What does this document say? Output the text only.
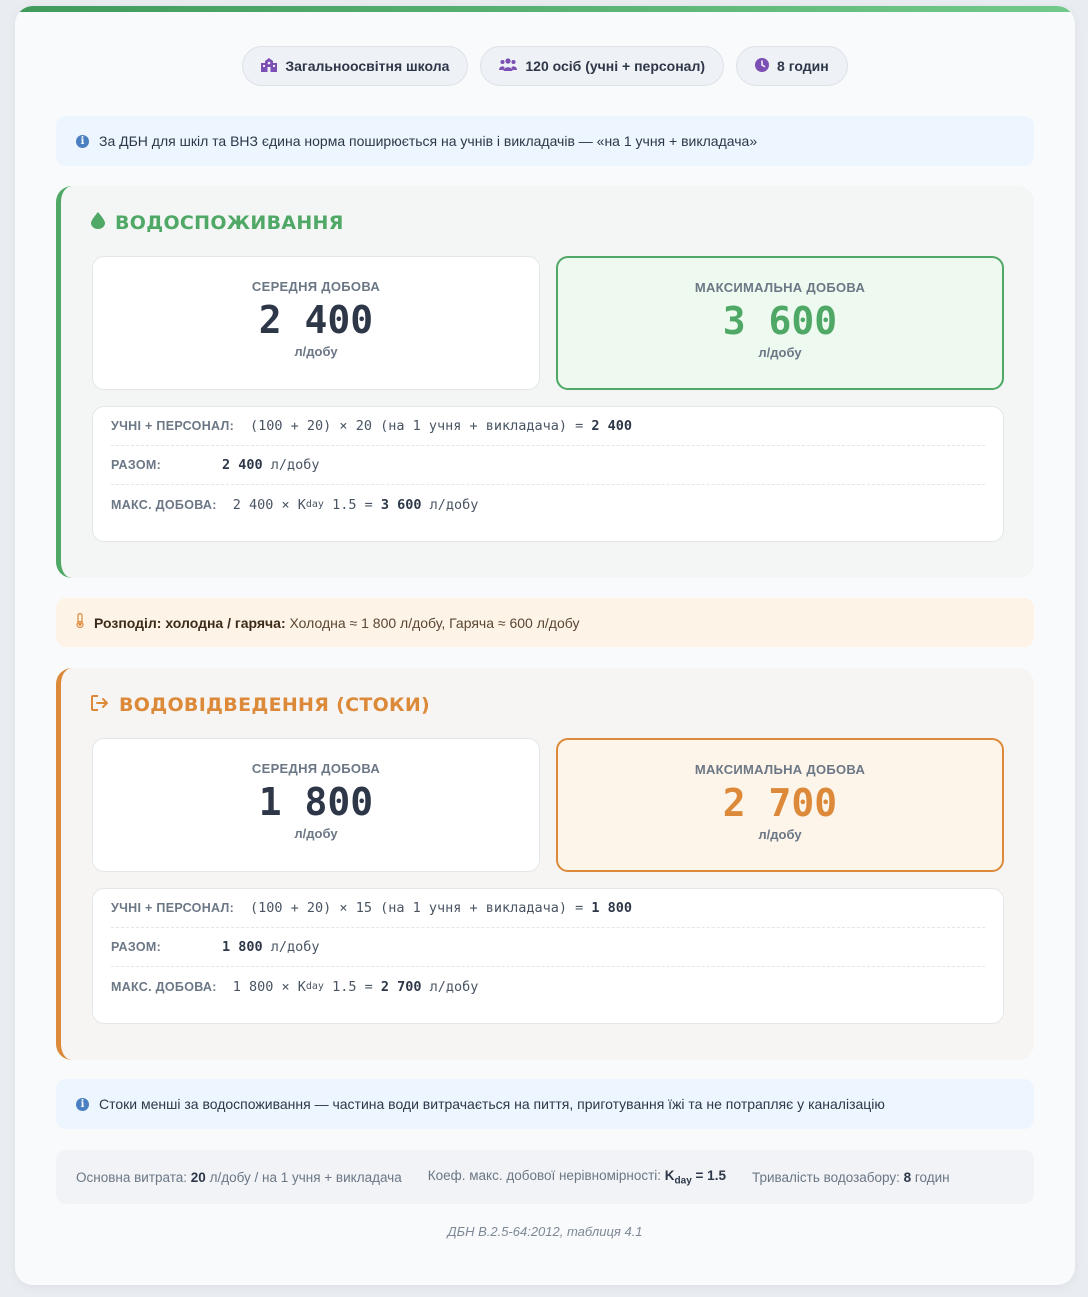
Загальноосвітня школа	120 осіб (учні + персонал)	8 годин
i	За ДБН для шкіл та ВНЗ єдина норма поширюється на учнів і викладачів — «на 1 учня + викладача»
ВОДОСПОЖИВАННЯ
СЕРЕДНЯ ДОБОВА
2 400
л/добу
МАКСИМАЛЬНА ДОБОВА
3 600
л/добу
УЧНІ + ПЕРСОНАЛ: (100 + 20) × 20 (на 1 учня + викладача) =
2 400
РАЗОМ:	2 400
л/добу
МАКС. ДОБОВА: 2 400 × K day
1.5 =
3 600
л/добу
Розподіл: холодна / гаряча: Холодна ≈ 1 800 л/добу, Гаряча ≈ 600 л/добу
ВОДОВІДВЕДЕННЯ (СТОКИ)
СЕРЕДНЯ ДОБОВА
1 800
л/добу
МАКСИМАЛЬНА ДОБОВА
2 700
л/добу
УЧНІ + ПЕРСОНАЛ: (100 + 20) × 15 (на 1 учня + викладача) =
1 800
РАЗОМ:	1 800
л/добу
МАКС. ДОБОВА: 1 800 × K day
1.5 =
2 700
л/добу
i	Стоки менші за водоспоживання — частина води витрачається на пиття, приготування їжі та не потрапляє у каналізацію
Основна витрата: 20 л/добу / на 1 учня + викладача Коеф. макс. добової нерівномірності: $K_{day} = 1.5$ Тривалість водозабору: 8 годин
ДБН В.2.5-64:2012, таблиця 4.1
